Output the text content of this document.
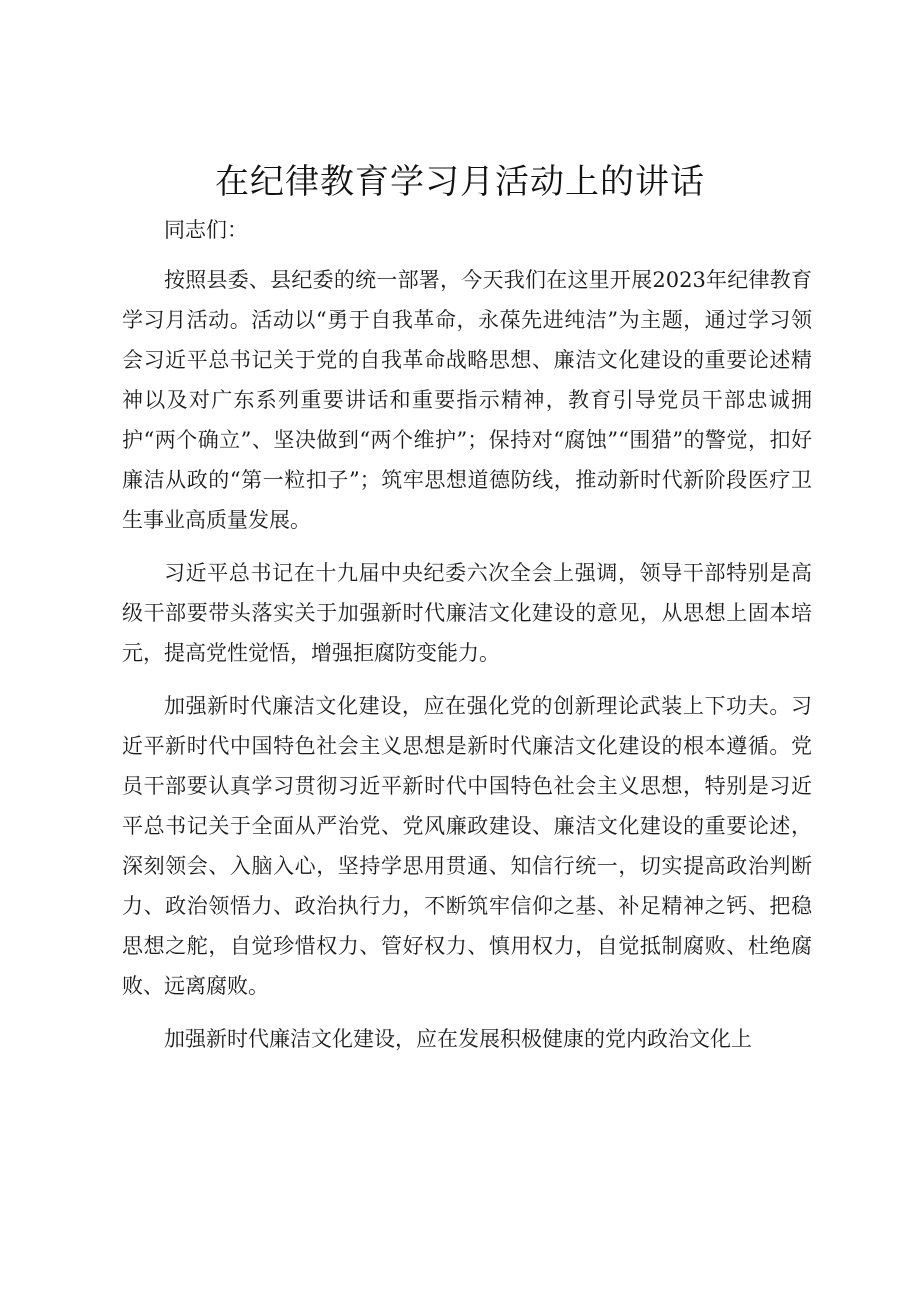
在纪律教育学习月活动上的讲话

同志们：

按照县委、县纪委的统一部署，今天我们在这里开展2023年纪律教育学习月活动。活动以“勇于自我革命，永葆先进纯洁”为主题，通过学习领会习近平总书记关于党的自我革命战略思想、廉洁文化建设的重要论述精神以及对广东系列重要讲话和重要指示精神，教育引导党员干部忠诚拥护“两个确立”、坚决做到“两个维护”；保持对“腐蚀”“围猎”的警觉，扣好廉洁从政的“第一粒扣子”；筑牢思想道德防线，推动新时代新阶段医疗卫生事业高质量发展。

习近平总书记在十九届中央纪委六次全会上强调，领导干部特别是高级干部要带头落实关于加强新时代廉洁文化建设的意见，从思想上固本培元，提高党性觉悟，增强拒腐防变能力。

加强新时代廉洁文化建设，应在强化党的创新理论武装上下功夫。习近平新时代中国特色社会主义思想是新时代廉洁文化建设的根本遵循。党员干部要认真学习贯彻习近平新时代中国特色社会主义思想，特别是习近平总书记关于全面从严治党、党风廉政建设、廉洁文化建设的重要论述，深刻领会、入脑入心，坚持学思用贯通、知信行统一，切实提高政治判断力、政治领悟力、政治执行力，不断筑牢信仰之基、补足精神之钙、把稳思想之舵，自觉珍惜权力、管好权力、慎用权力，自觉抵制腐败、杜绝腐败、远离腐败。

加强新时代廉洁文化建设，应在发展积极健康的党内政治文化上
